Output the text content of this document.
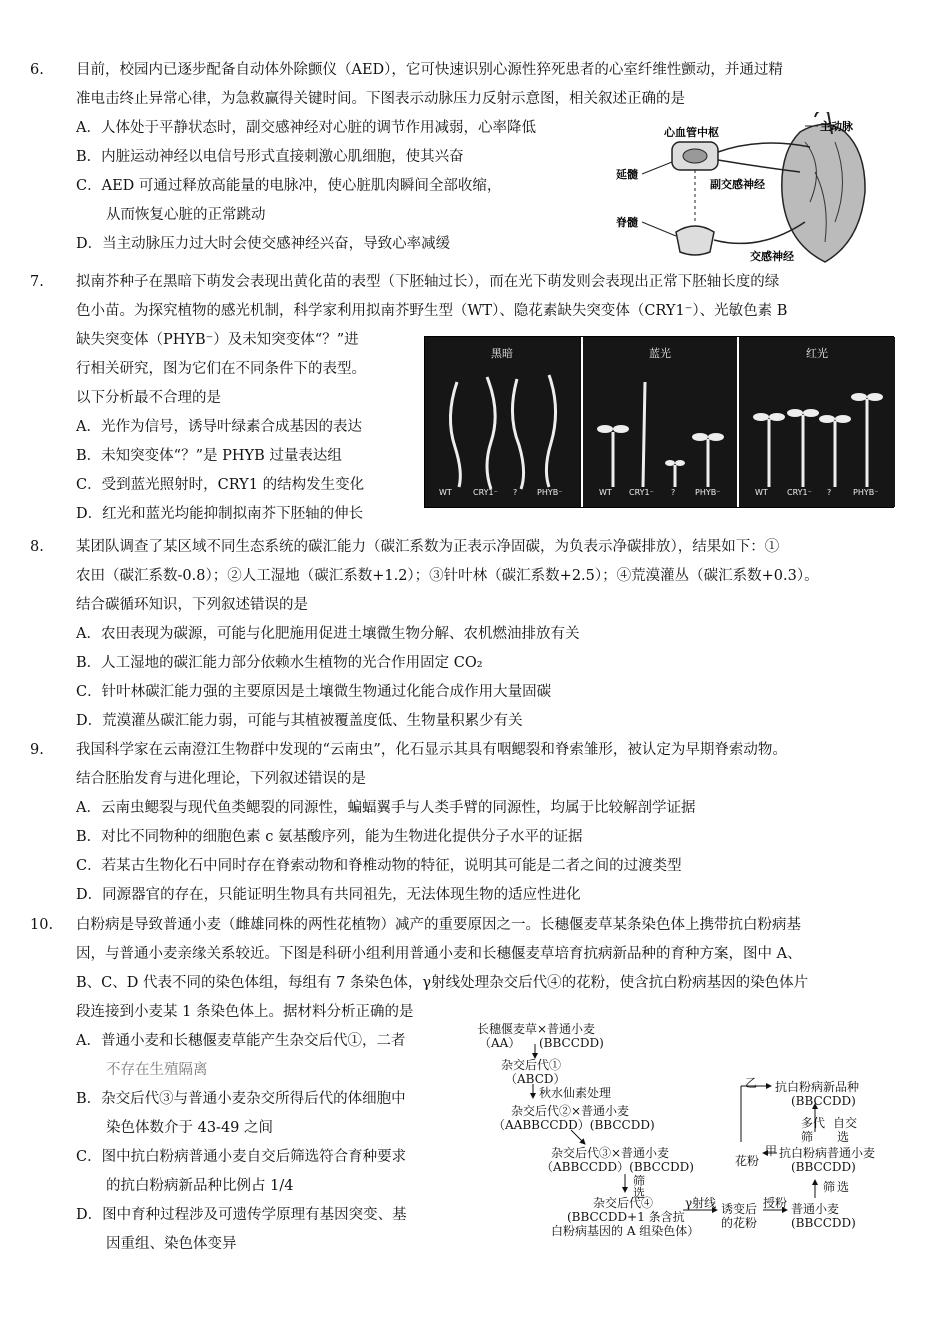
6. 目前，校园内已逐步配备自动体外除颤仪（AED），它可快速识别心源性猝死患者的心室纤维性颤动，并通过精
准电击终止异常心律，为急救赢得关键时间。下图表示动脉压力反射示意图，相关叙述正确的是
A．人体处于平静状态时，副交感神经对心脏的调节作用减弱，心率降低
B．内脏运动神经以电信号形式直接刺激心肌细胞，使其兴奋
C．AED 可通过释放高能量的电脉冲，使心脏肌肉瞬间全部收缩，
从而恢复心脏的正常跳动
D．当主动脉压力过大时会使交感神经兴奋，导致心率减缓
主动脉
心血管中枢
延髓
副交感神经
脊髓
交感神经
7. 拟南芥种子在黑暗下萌发会表现出黄化苗的表型（下胚轴过长），而在光下萌发则会表现出正常下胚轴长度的绿
色小苗。为探究植物的感光机制，科学家利用拟南芥野生型（WT）、隐花素缺失突变体（CRY1⁻）、光敏色素 B
缺失突变体（PHYB⁻）及未知突变体“？”进
行相关研究，图为它们在不同条件下的表型。
以下分析最不合理的是
A．光作为信号，诱导叶绿素合成基因的表达
B．未知突变体“？”是 PHYB 过量表达组
C．受到蓝光照射时，CRY1 的结构发生变化
D．红光和蓝光均能抑制拟南芥下胚轴的伸长
黑暗
WT	CRY1⁻ ? PHYB⁻
蓝光
WT CRY1⁻ ? PHYB⁻
红光
WT CRY1⁻ ?	PHYB⁻
8. 某团队调查了某区域不同生态系统的碳汇能力（碳汇系数为正表示净固碳，为负表示净碳排放），结果如下：①
农田（碳汇系数-0.8）；②人工湿地（碳汇系数+1.2）；③针叶林（碳汇系数+2.5）；④荒漠灌丛（碳汇系数+0.3）。
结合碳循环知识，下列叙述错误的是
A．农田表现为碳源，可能与化肥施用促进土壤微生物分解、农机燃油排放有关
B．人工湿地的碳汇能力部分依赖水生植物的光合作用固定 CO₂
C．针叶林碳汇能力强的主要原因是土壤微生物通过化能合成作用大量固碳
D．荒漠灌丛碳汇能力弱，可能与其植被覆盖度低、生物量积累少有关
9. 我国科学家在云南澄江生物群中发现的“云南虫”，化石显示其具有咽鳃裂和脊索雏形，被认定为早期脊索动物。
结合胚胎发育与进化理论，下列叙述错误的是
A．云南虫鳃裂与现代鱼类鳃裂的同源性，蝙蝠翼手与人类手臂的同源性，均属于比较解剖学证据
B．对比不同物种的细胞色素 c 氨基酸序列，能为生物进化提供分子水平的证据
C．若某古生物化石中同时存在脊索动物和脊椎动物的特征，说明其可能是二者之间的过渡类型
D．同源器官的存在，只能证明生物具有共同祖先，无法体现生物的适应性进化
10. 白粉病是导致普通小麦（雌雄同株的两性花植物）减产的重要原因之一。长穗偃麦草某条染色体上携带抗白粉病基
因，与普通小麦亲缘关系较近。下图是科研小组利用普通小麦和长穗偃麦草培育抗病新品种的育种方案，图中 A、
B、C、D 代表不同的染色体组，每组有 7 条染色体，γ射线处理杂交后代④的花粉，使含抗白粉病基因的染色体片
段连接到小麦某 1 条染色体上。据材料分析正确的是
A．普通小麦和长穗偃麦草能产生杂交后代①，二者
不存在生殖隔离
B．杂交后代③与普通小麦杂交所得后代的体细胞中
染色体数介于 43-49 之间
C．图中抗白粉病普通小麦自交后筛选符合育种要求
的抗白粉病新品种比例占 1/4
D．图中育种过程涉及可遗传学原理有基因突变、基
因重组、染色体变异
长穗偃麦草×普通小麦
（AA） (BBCCDD)
杂交后代①
（ABCD）
秋水仙素处理
杂交后代②×普通小麦
（AABBCCDD）(BBCCDD)
杂交后代③×普通小麦
（ABBCCDD）(BBCCDD)
筛
选
杂交后代④
(BBCCDD+1 条含抗
白粉病基因的 A 组染色体）
γ射线 诱变后
的花粉
授粉 普通小麦
(BBCCDD)
筛 选
抗白粉病普通小麦
(BBCCDD)
甲
花粉
多代 自交
筛 选
乙 抗白粉病新品种
(BBCCDD)
